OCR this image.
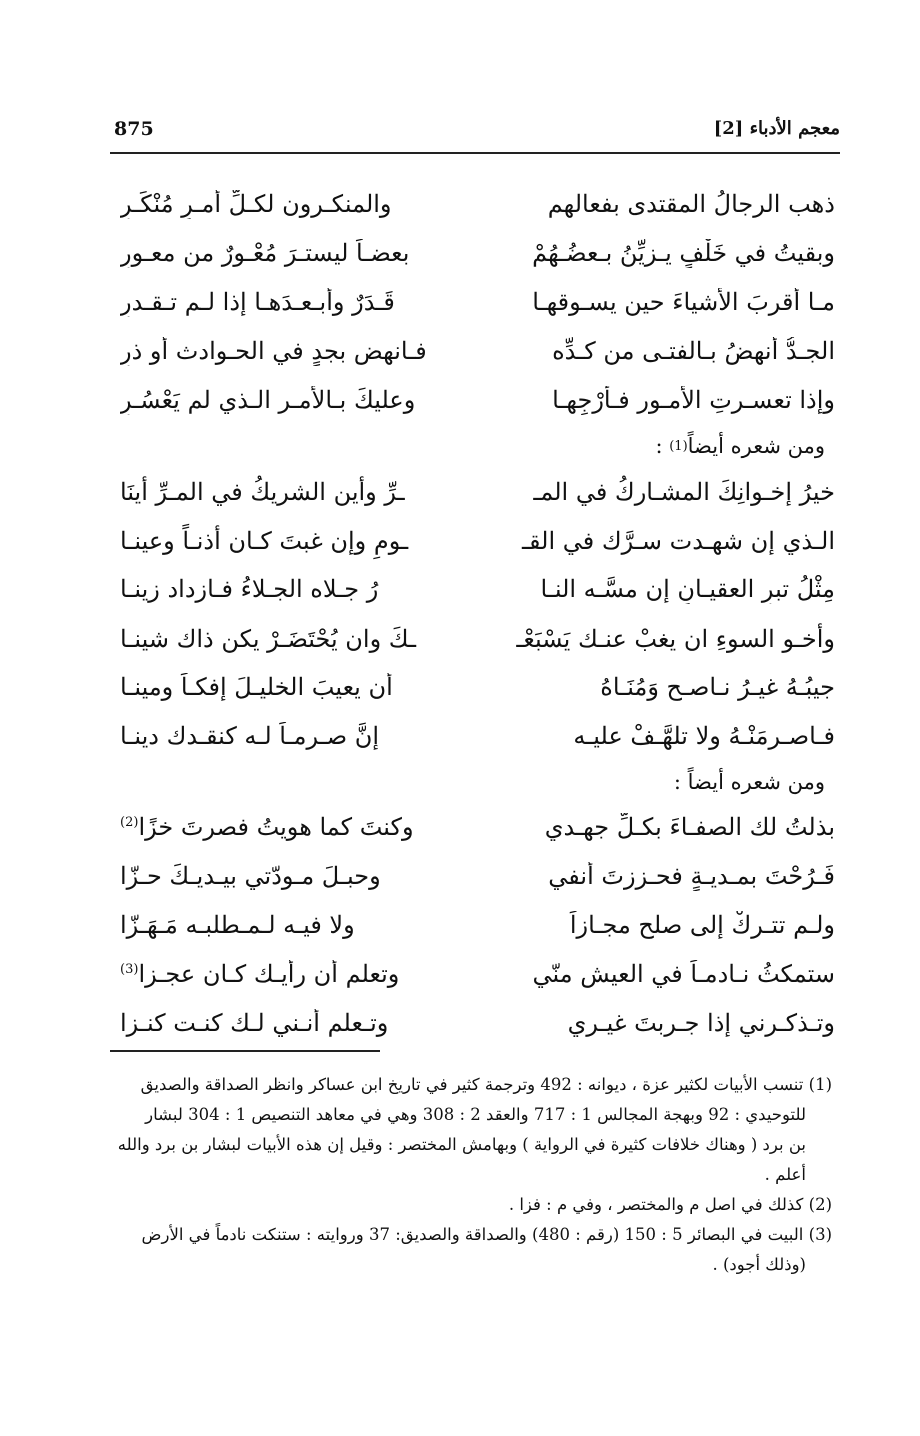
875	معجم الأدباء [2]
ذهب الرجالُ المقتدى بفعالهم
والمنكـرون لكـلِّ أمـرٍ مُنْكَـرِ
وبقيتُ في خَلْفٍ يـزيِّنُ بـعضُـهُمْ
بعضـاً ليستـرَ مُعْـورٌ من معـورِ
مـا أقربَ الأشياءَ حين يسـوقهـا
قَـدَرٌ وأبـعـدَهـا إذا لـم تـقـدرِ
الجـدُّ أنهضُ بـالفتـى من كـدِّه
فـانهض بجدٍ في الحـوادث أو ذرِ
وإذا تعسـرتِ الأمـور فـأرْجِهـا
وعليكَ بـالأمـر الـذي لم يَعْسُـرِ
ومن شعره أيضاً
(1)

:
خيرُ إخـوانِكَ المشـاركُ في المـ
ـرِّ وأين الشريكُ في المـرِّ أينَا
الـذي إن شهـدت سـرَّك في القـ
ـومِ وإن غبتَ كـان أذنـاً وعينـا
مِثْلُ تبرِ العقيـانِ إن مسَّـه النـا
رُ جـلاه الجـلاءُ فـازداد زينـا
وأخـو السوءِ ان يغبْ عنـك يَسْبَعْـ
ـكَ وان يُحْتَضَـرْ يكن ذاك شينـا
جيبُـهُ غيـرُ نـاصـحٍ وَمُنَـاهُ
أن يعيبَ الخليـلَ إفكـاً ومينـا
فـاصـرمَنْـهُ ولا تلهَّـفْ عليـه
إنَّ صـرمـاً لـه كنقـدك دينـا
ومن شعره أيضاً :
بذلتُ لك الصفـاءَ بكـلِّ جهـدي
وكنتَ كما هويتُ فصرتَ خزًا$^{(2)}$
فَـرُحْتَ بمـديـةٍ فحـززتَ أنفي
وحبـلَ مـودّتي بيـديـكَ حـزّا
ولـم تتـركْ إلى صلحٍ مجـازاً
ولا فيـه لـمـطلبـه مَـهَـزّا
ستمكثُ نـادمـاً في العيشِ منّي
وتعلم أن رأيـك كـان عجـزا$^{(3)}$
وتـذكـرني إذا جـربتَ غيـري
وتـعلم أنـني لـك كنـت كنـزا
(1) تنسب الأبيات لكثير عزة ، ديوانه : 492 وترجمة كثير في تاريخ ابن عساكر وانظر الصداقة والصديق
للتوحيدي : 92 وبهجة المجالس 1 : 717 والعقد 2 : 308 وهي في معاهد التنصيص 1 : 304 لبشار
بن برد ( وهناك خلافات كثيرة في الرواية ) وبهامش المختصر : وقيل إن هذه الأبيات لبشار بن برد والله
أعلم .
(2) كذلك في اصل م والمختصر ، وفي م : فزا .
(3) البيت في البصائر 5 : 150 (رقم : 480) والصداقة والصديق: 37 وروايته : ستنكت نادماً في الأرض
(وذلك أجود) .
